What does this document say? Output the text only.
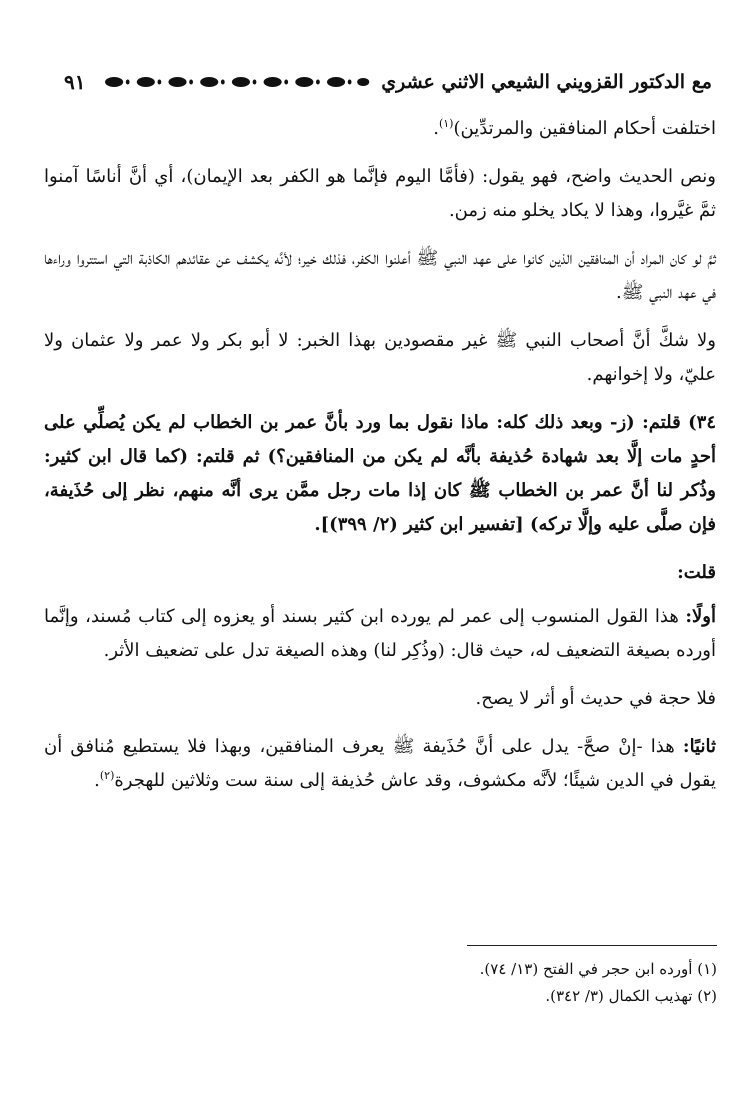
٩١	مع الدكتور القزويني الشيعي الاثني عشري

اختلفت أحكام المنافقين والمرتدِّين)$^{(١)}$.

ونص الحديث واضح، فهو يقول: (فأمَّا اليوم فإنَّما هو الكفر بعد الإيمان)، أي أنَّ أناسًا آمنوا ثمَّ غيَّروا، وهذا لا يكاد يخلو منه زمن.

ثمَّ لو كان المراد أن المنافقين الذين كانوا على عهد النبي ﷺ أعلنوا الكفر، فذلك خير؛ لأنَّه يكشف عن عقائدهم الكاذبة التي استتروا وراءها في عهد النبي ﷺ.

ولا شكَّ أنَّ أصحاب النبي ﷺ غير مقصودين بهذا الخبر: لا أبو بكر ولا عمر ولا عثمان ولا عليّ، ولا إخوانهم.

٣٤) قلتم: (ز- وبعد ذلك كله: ماذا نقول بما ورد بأنَّ عمر بن الخطاب لم يكن يُصلِّي على أحدٍ مات إلَّا بعد شهادة حُذيفة بأنَّه لم يكن من المنافقين؟) ثم قلتم: (كما قال ابن كثير: وذُكر لنا أنَّ عمر بن الخطاب ﷺ كان إذا مات رجل ممَّن يرى أنَّه منهم، نظر إلى حُذَيفة، فإن صلَّى عليه وإلَّا تركه) [تفسير ابن كثير (٢/ ٣٩٩)].

قلت:

أولًا: هذا القول المنسوب إلى عمر لم يورده ابن كثير بسند أو يعزوه إلى كتاب مُسند، وإنَّما أورده بصيغة التضعيف له، حيث قال: (وذُكِر لنا) وهذه الصيغة تدل على تضعيف الأثر.

فلا حجة في حديث أو أثر لا يصح.

ثانيًا: هذا -إنْ صحَّ- يدل على أنَّ حُذَيفة ﷺ يعرف المنافقين، وبهذا فلا يستطيع مُنافق أن يقول في الدين شيئًا؛ لأنَّه مكشوف، وقد عاش حُذيفة إلى سنة ست وثلاثين للهجرة$^{(٢)}$.

(١) أورده ابن حجر في الفتح (١٣/ ٧٤).
(٢) تهذيب الكمال (٣/ ٣٤٢).
